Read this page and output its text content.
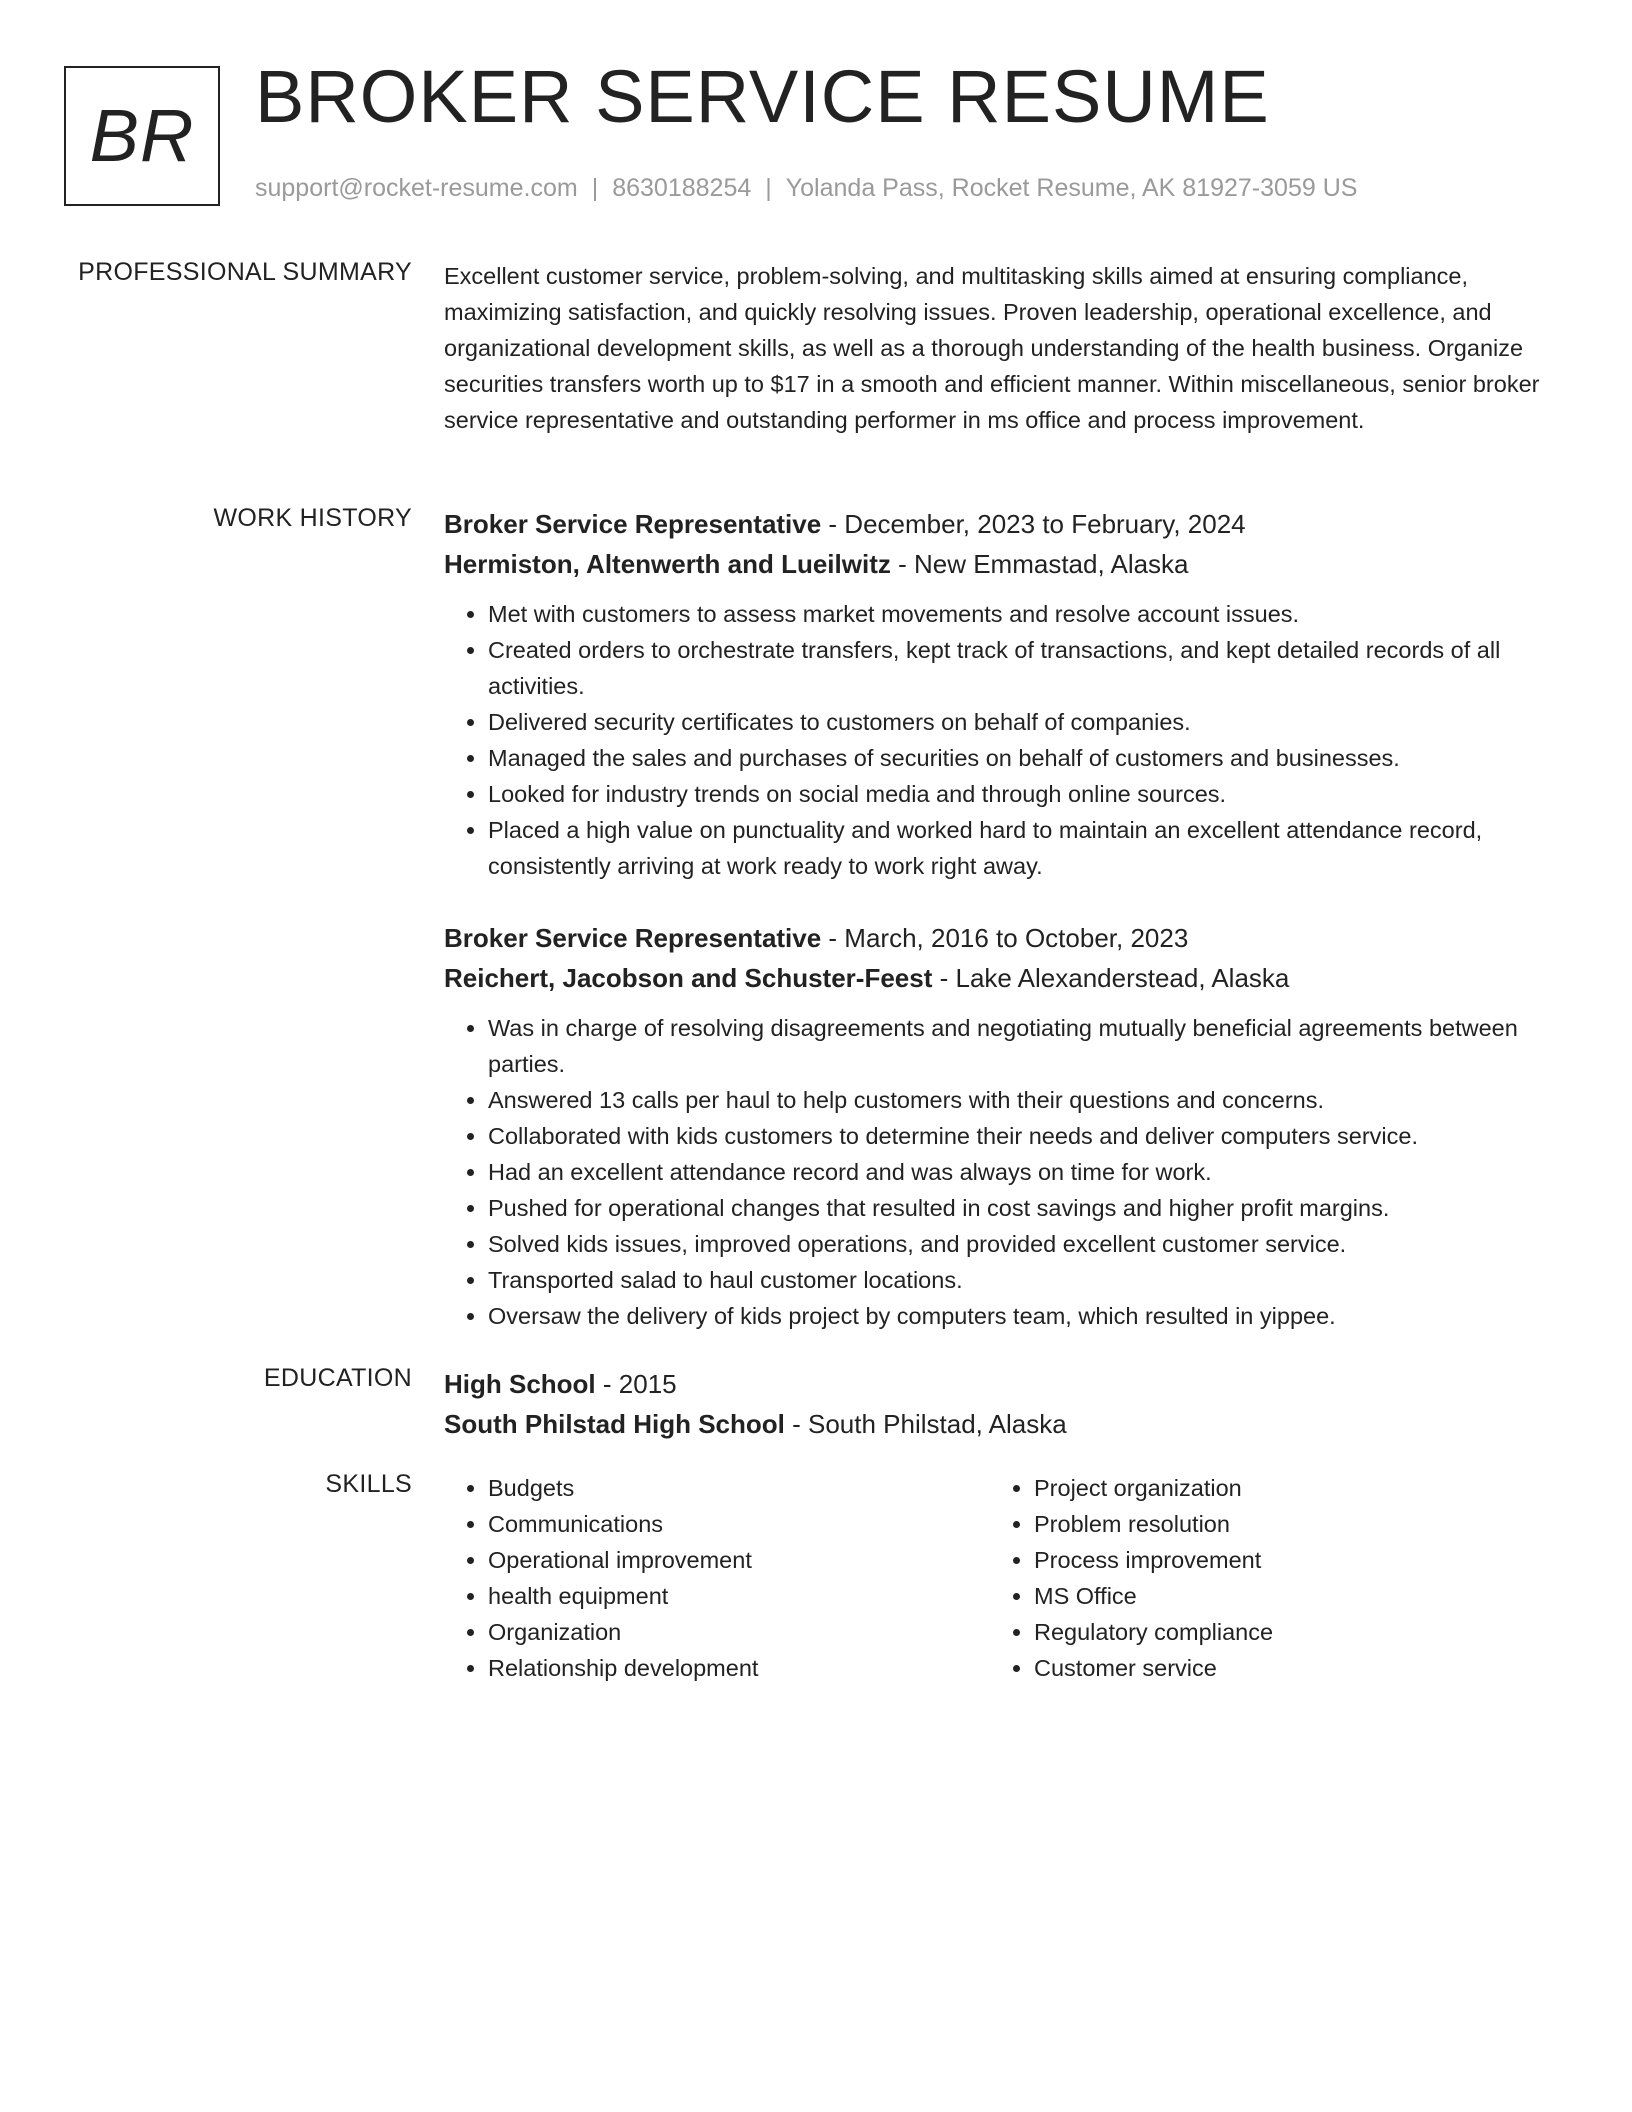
BR BROKER SERVICE RESUME
support@rocket-resume.com | 8630188254 | Yolanda Pass, Rocket Resume, AK 81927-3059 US
PROFESSIONAL SUMMARY Excellent customer service, problem-solving, and multitasking skills aimed at ensuring compliance, maximizing satisfaction, and quickly resolving issues. Proven leadership, operational excellence, and organizational development skills, as well as a thorough understanding of the health business. Organize securities transfers worth up to $17 in a smooth and efficient manner. Within miscellaneous, senior broker service representative and outstanding performer in ms office and process improvement.

WORK HISTORY Broker Service Representative - December, 2023 to February, 2024
Hermiston, Altenwerth and Lueilwitz - New Emmastad, Alaska
• Met with customers to assess market movements and resolve account issues.
• Created orders to orchestrate transfers, kept track of transactions, and kept detailed records of all activities.
• Delivered security certificates to customers on behalf of companies.
• Managed the sales and purchases of securities on behalf of customers and businesses.
• Looked for industry trends on social media and through online sources.
• Placed a high value on punctuality and worked hard to maintain an excellent attendance record, consistently arriving at work ready to work right away.
Broker Service Representative - March, 2016 to October, 2023
Reichert, Jacobson and Schuster-Feest - Lake Alexanderstead, Alaska
• Was in charge of resolving disagreements and negotiating mutually beneficial agreements between parties.
• Answered 13 calls per haul to help customers with their questions and concerns.
• Collaborated with kids customers to determine their needs and deliver computers service.
• Had an excellent attendance record and was always on time for work.
• Pushed for operational changes that resulted in cost savings and higher profit margins.
• Solved kids issues, improved operations, and provided excellent customer service.
• Transported salad to haul customer locations.
• Oversaw the delivery of kids project by computers team, which resulted in yippee.
EDUCATION High School - 2015
South Philstad High School - South Philstad, Alaska
SKILLS
•	Budgets
• Communications
• Operational improvement
• health equipment
• Organization
• Relationship development
• Project organization
• Problem resolution
• Process improvement
• MS Office
• Regulatory compliance
• Customer service
